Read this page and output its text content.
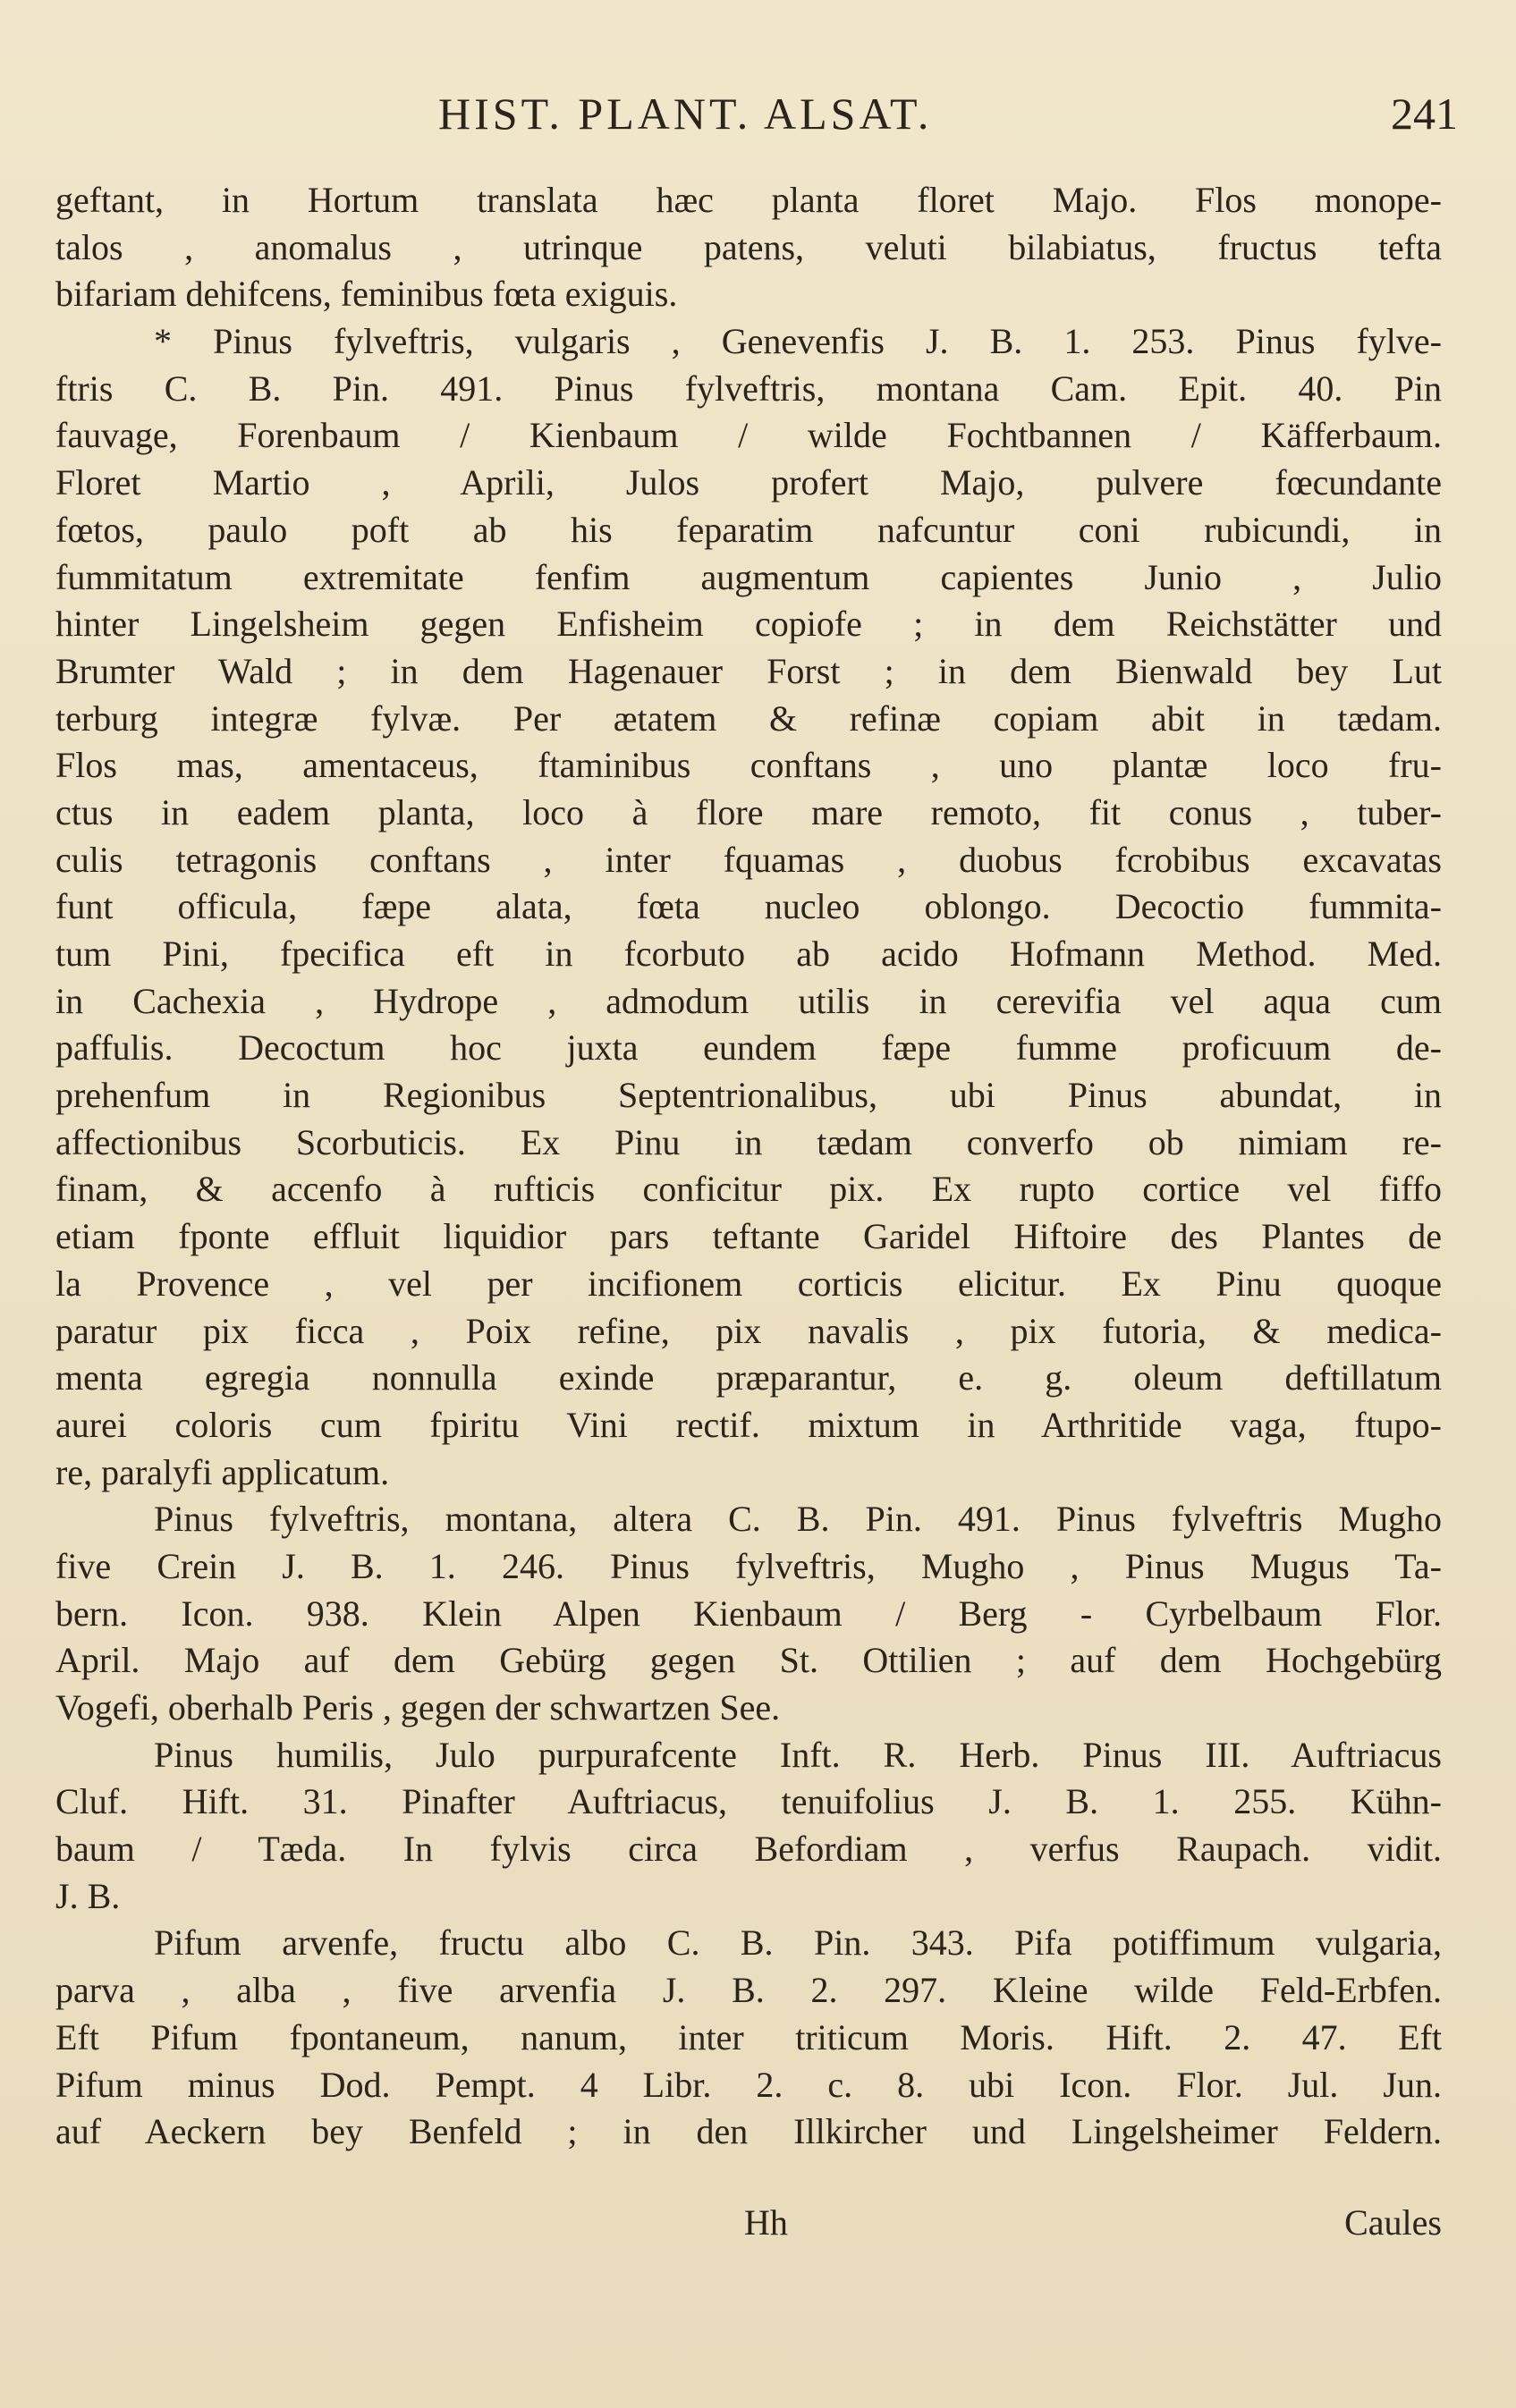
HIST. PLANT. ALSAT.	241
geftant, in Hortum translata hæc planta floret Majo. Flos monope-
talos , anomalus , utrinque patens, veluti bilabiatus, fructus tefta
bifariam dehifcens, feminibus fœta exiguis.
* Pinus fylveftris, vulgaris , Genevenfis J. B. 1. 253. Pinus fylve-
ftris C. B. Pin. 491. Pinus fylveftris, montana Cam. Epit. 40. Pin
fauvage, Forenbaum / Kienbaum / wilde Fochtbannen / Käfferbaum.
Floret Martio , Aprili, Julos profert Majo, pulvere fœcundante
fœtos, paulo poft ab his feparatim nafcuntur coni rubicundi, in
fummitatum extremitate fenfim augmentum capientes Junio , Julio
hinter Lingelsheim gegen Enfisheim copiofe ; in dem Reichstätter und
Brumter Wald ; in dem Hagenauer Forst ; in dem Bienwald bey Lut
terburg integræ fylvæ. Per ætatem & refinæ copiam abit in tædam.
Flos mas, amentaceus, ftaminibus conftans , uno plantæ loco fru-
ctus in eadem planta, loco à flore mare remoto, fit conus , tuber-
culis tetragonis conftans , inter fquamas , duobus fcrobibus excavatas
funt officula, fæpe alata, fœta nucleo oblongo. Decoctio fummita-
tum Pini, fpecifica eft in fcorbuto ab acido Hofmann Method. Med.
in Cachexia , Hydrope , admodum utilis in cerevifia vel aqua cum
paffulis. Decoctum hoc juxta eundem fæpe fumme proficuum de-
prehenfum in Regionibus Septentrionalibus, ubi Pinus abundat, in
affectionibus Scorbuticis. Ex Pinu in tædam converfo ob nimiam re-
finam, & accenfo à rufticis conficitur pix. Ex rupto cortice vel fiffo
etiam fponte effluit liquidior pars teftante Garidel Hiftoire des Plantes de
la Provence , vel per incifionem corticis elicitur. Ex Pinu quoque
paratur pix ficca , Poix refine, pix navalis , pix futoria, & medica-
menta egregia nonnulla exinde præparantur, e. g. oleum deftillatum
aurei coloris cum fpiritu Vini rectif. mixtum in Arthritide vaga, ftupo-
re, paralyfi applicatum.
Pinus fylveftris, montana, altera C. B. Pin. 491. Pinus fylveftris Mugho
five Crein J. B. 1. 246. Pinus fylveftris, Mugho , Pinus Mugus Ta-
bern. Icon. 938. Klein Alpen Kienbaum / Berg - Cyrbelbaum Flor.
April. Majo auf dem Gebürg gegen St. Ottilien ; auf dem Hochgebürg
Vogefi, oberhalb Peris , gegen der schwartzen See.
Pinus humilis, Julo purpurafcente Inft. R. Herb. Pinus III. Auftriacus
Cluf. Hift. 31. Pinafter Auftriacus, tenuifolius J. B. 1. 255. Kühn-
baum / Tæda. In fylvis circa Befordiam , verfus Raupach. vidit.
J. B.
Pifum arvenfe, fructu albo C. B. Pin. 343. Pifa potiffimum vulgaria,
parva , alba , five arvenfia J. B. 2. 297. Kleine wilde Feld-Erbfen.
Eft Pifum fpontaneum, nanum, inter triticum Moris. Hift. 2. 47. Eft
Pifum minus Dod. Pempt. 4 Libr. 2. c. 8. ubi Icon. Flor. Jul. Jun.
auf Aeckern bey Benfeld ; in den Illkircher und Lingelsheimer Feldern.
Hh	Caules
